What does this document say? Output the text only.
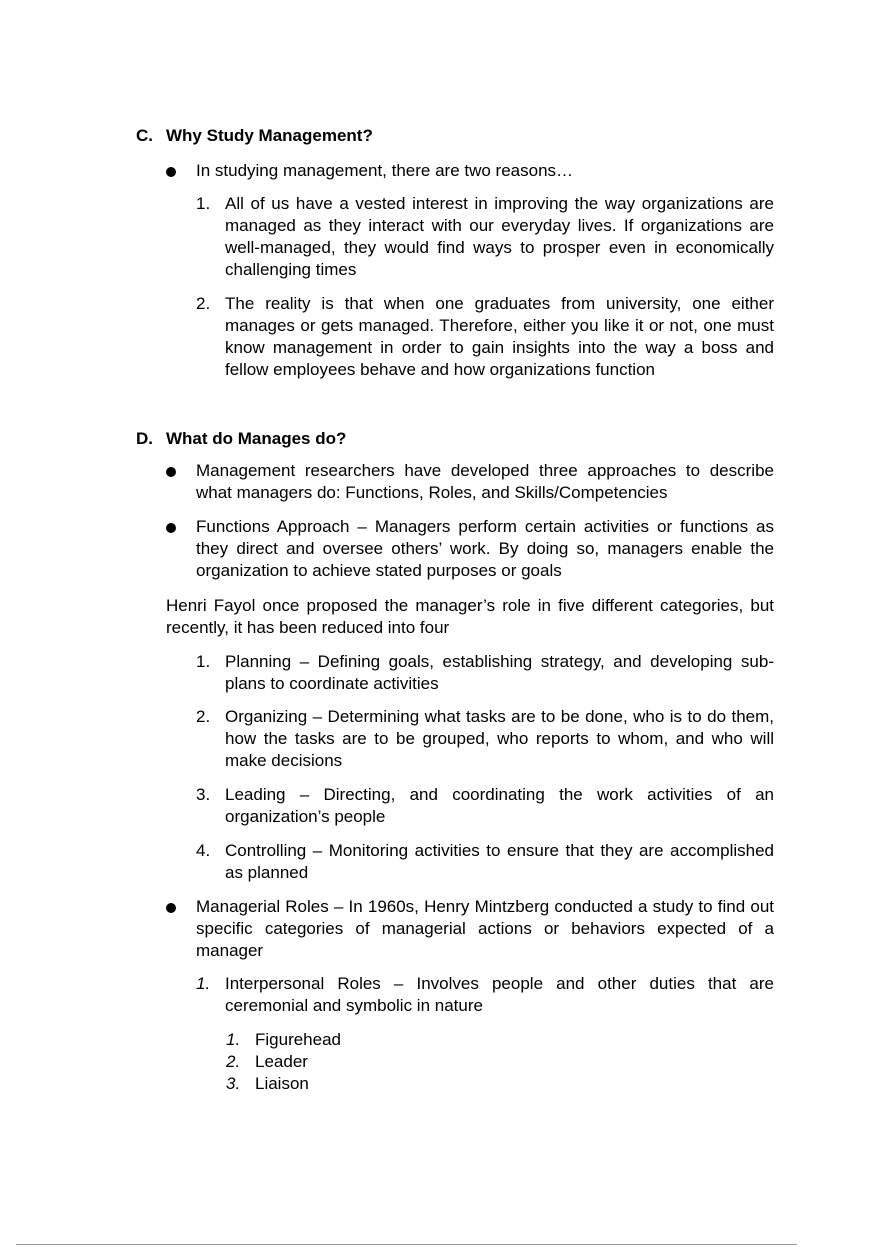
C. Why Study Management?
In studying management, there are two reasons…
1. All of us have a vested interest in improving the way organizations are managed as they interact with our everyday lives. If organizations are well-managed, they would find ways to prosper even in economically challenging times
2. The reality is that when one graduates from university, one either manages or gets managed. Therefore, either you like it or not, one must know management in order to gain insights into the way a boss and fellow employees behave and how organizations function
D. What do Manages do?
Management researchers have developed three approaches to describe what managers do: Functions, Roles, and Skills/Competencies
Functions Approach – Managers perform certain activities or functions as they direct and oversee others’ work. By doing so, managers enable the organization to achieve stated purposes or goals
Henri Fayol once proposed the manager’s role in five different categories, but recently, it has been reduced into four
1. Planning – Defining goals, establishing strategy, and developing sub-plans to coordinate activities
2. Organizing – Determining what tasks are to be done, who is to do them, how the tasks are to be grouped, who reports to whom, and who will make decisions
3. Leading – Directing, and coordinating the work activities of an organization’s people
4. Controlling – Monitoring activities to ensure that they are accomplished as planned
Managerial Roles – In 1960s, Henry Mintzberg conducted a study to find out specific categories of managerial actions or behaviors expected of a manager
1. Interpersonal Roles – Involves people and other duties that are ceremonial and symbolic in nature
1. Figurehead
2. Leader
3. Liaison
